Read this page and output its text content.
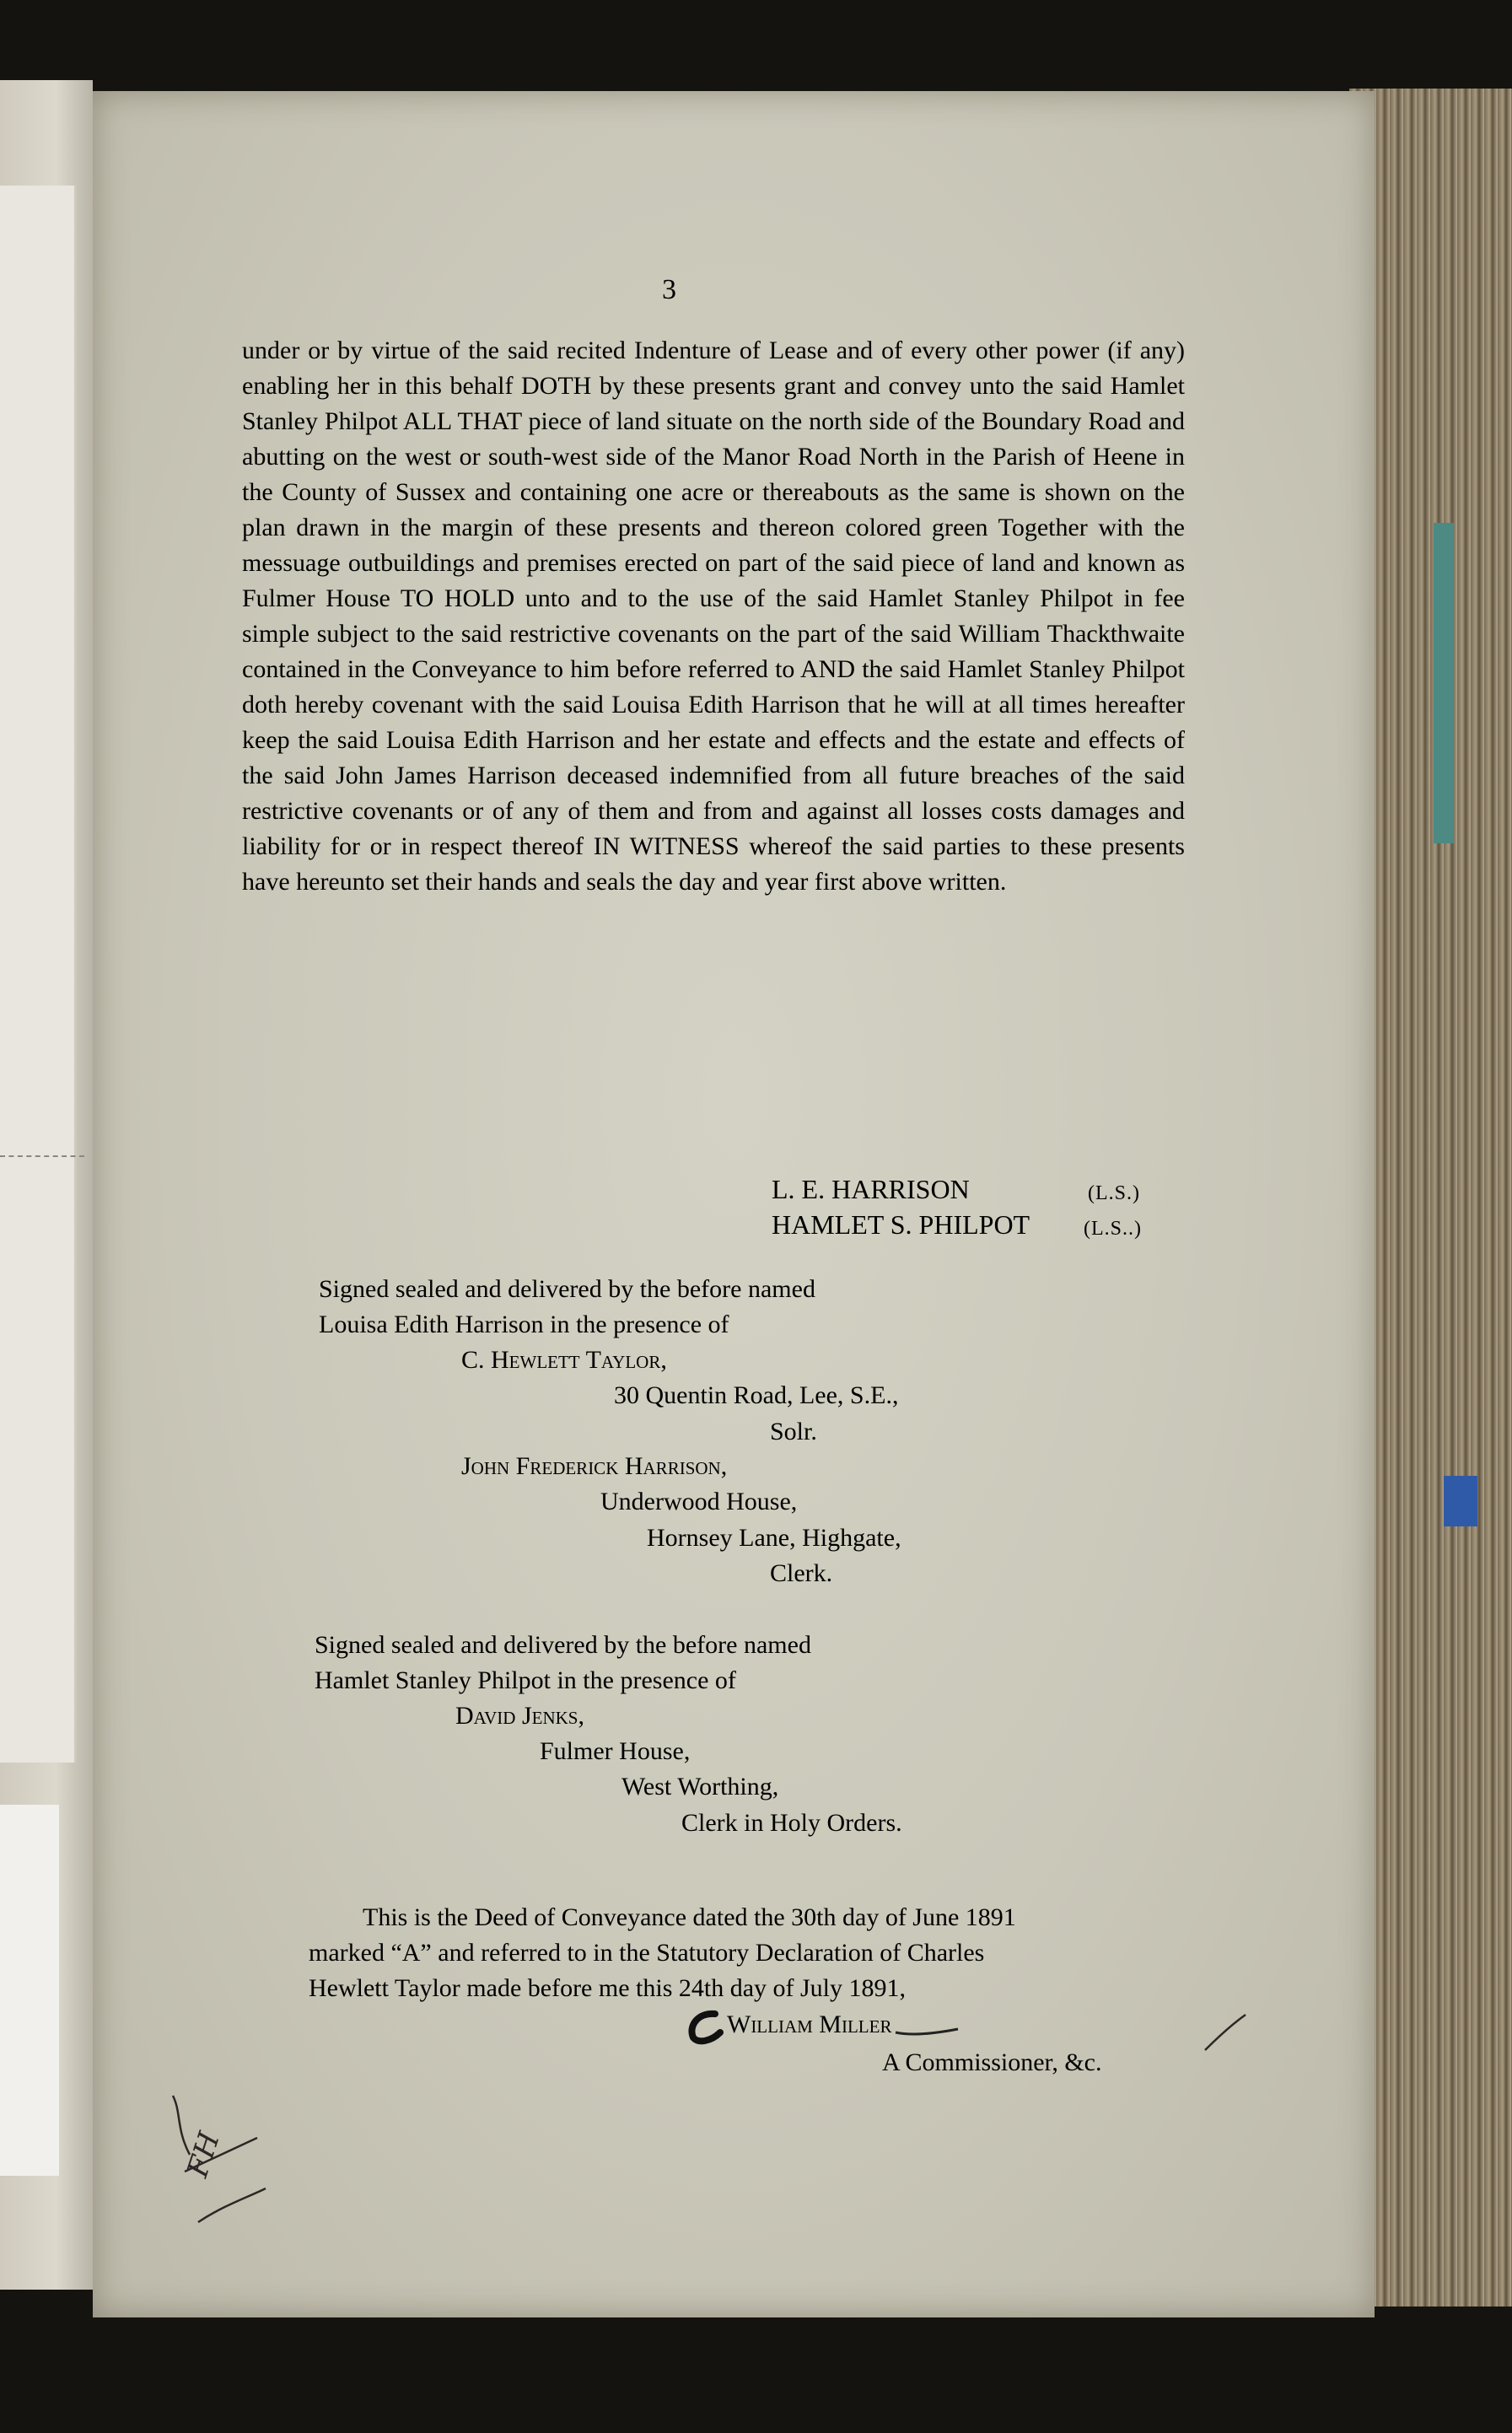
3

under or by virtue of the said recited Indenture of Lease and of every other power (if any) enabling her in this behalf DOTH by these presents grant and convey unto the said Hamlet Stanley Philpot ALL THAT piece of land situate on the north side of the Boundary Road and abutting on the west or south-west side of the Manor Road North in the Parish of Heene in the County of Sussex and containing one acre or thereabouts as the same is shown on the plan drawn in the margin of these presents and thereon colored green Together with the messuage outbuildings and premises erected on part of the said piece of land and known as Fulmer House TO HOLD unto and to the use of the said Hamlet Stanley Philpot in fee simple subject to the said restrictive covenants on the part of the said William Thackthwaite contained in the Conveyance to him before referred to AND the said Hamlet Stanley Philpot doth hereby covenant with the said Louisa Edith Harrison that he will at all times hereafter keep the said Louisa Edith Harrison and her estate and effects and the estate and effects of the said John James Harrison deceased indemnified from all future breaches of the said restrictive covenants or of any of them and from and against all losses costs damages and liability for or in respect thereof IN WITNESS whereof the said parties to these presents have hereunto set their hands and seals the day and year first above written.

L. E. HARRISON	(L.S.)
HAMLET S. PHILPOT	(L.S..)

Signed sealed and delivered by the before named

Louisa Edith Harrison in the presence of

C. Hewlett Taylor,

30 Quentin Road, Lee, S.E.,

Solr.

John Frederick Harrison,

Underwood House,

Hornsey Lane, Highgate,

Clerk.

Signed sealed and delivered by the before named

Hamlet Stanley Philpot in the presence of

David Jenks,

Fulmer House,

West Worthing,

Clerk in Holy Orders.

This is the Deed of Conveyance dated the 30th day of June 1891

marked “A” and referred to in the Statutory Declaration of Charles

Hewlett Taylor made before me this 24th day of July 1891,

William Miller

A Commissioner, &c.

FH
